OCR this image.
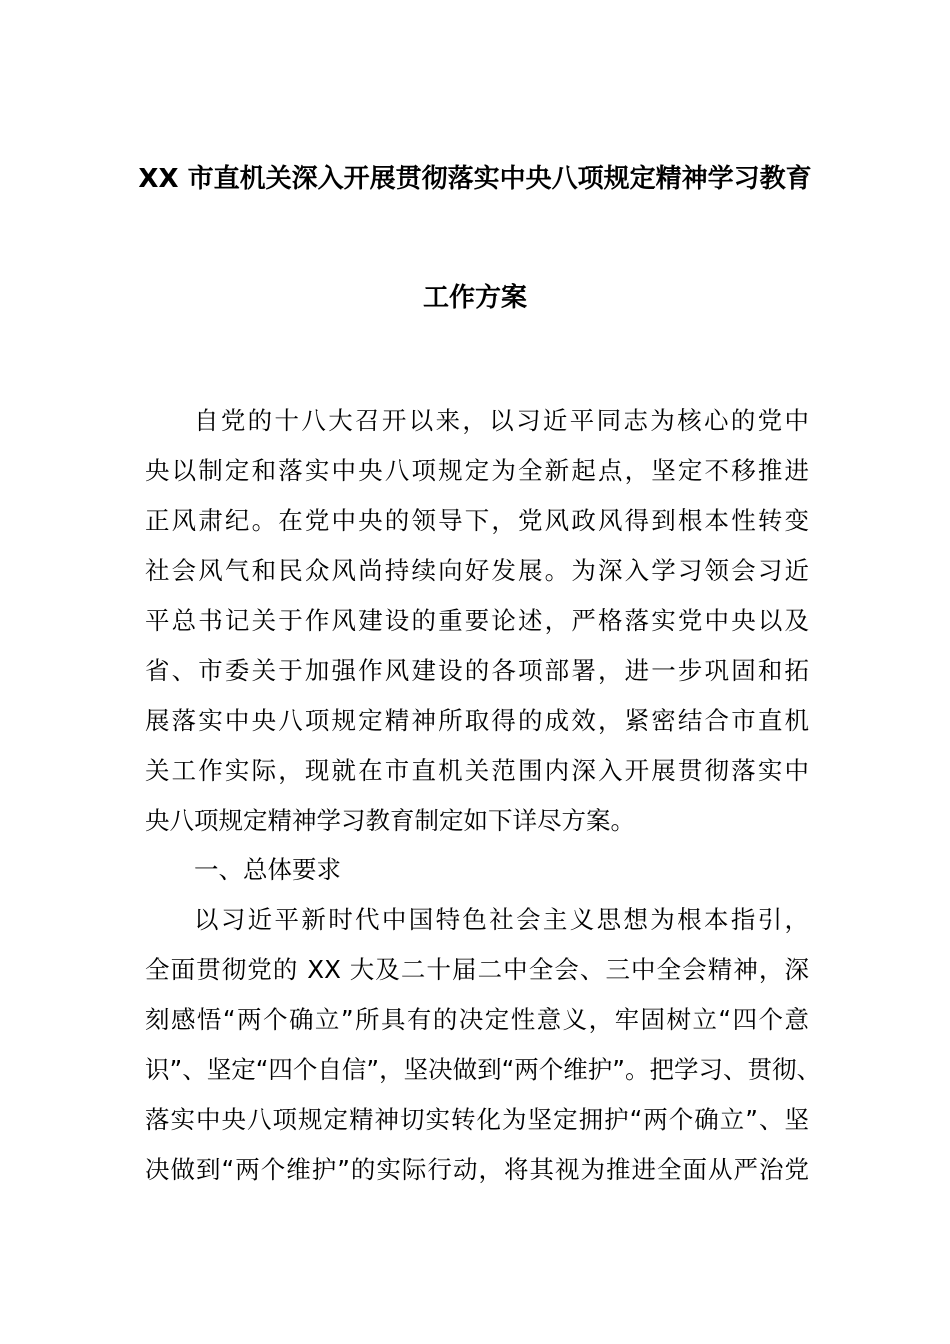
XX 市直机关深入开展贯彻落实中央八项规定精神学习教育
工作方案
自党的十八大召开以来，以习近平同志为核心的党中
央以制定和落实中央八项规定为全新起点，坚定不移推进
正风肃纪。在党中央的领导下，党风政风得到根本性转变
社会风气和民众风尚持续向好发展。为深入学习领会习近
平总书记关于作风建设的重要论述，严格落实党中央以及
省、市委关于加强作风建设的各项部署，进一步巩固和拓
展落实中央八项规定精神所取得的成效，紧密结合市直机
关工作实际，现就在市直机关范围内深入开展贯彻落实中
央八项规定精神学习教育制定如下详尽方案。
一、总体要求
以习近平新时代中国特色社会主义思想为根本指引，
全面贯彻党的 XX 大及二十届二中全会、三中全会精神，深
刻感悟“两个确立”所具有的决定性意义，牢固树立“四个意
识”、坚定“四个自信”，坚决做到“两个维护”。把学习、贯彻、
落实中央八项规定精神切实转化为坚定拥护“两个确立”、坚
决做到“两个维护”的实际行动，将其视为推进全面从严治党
